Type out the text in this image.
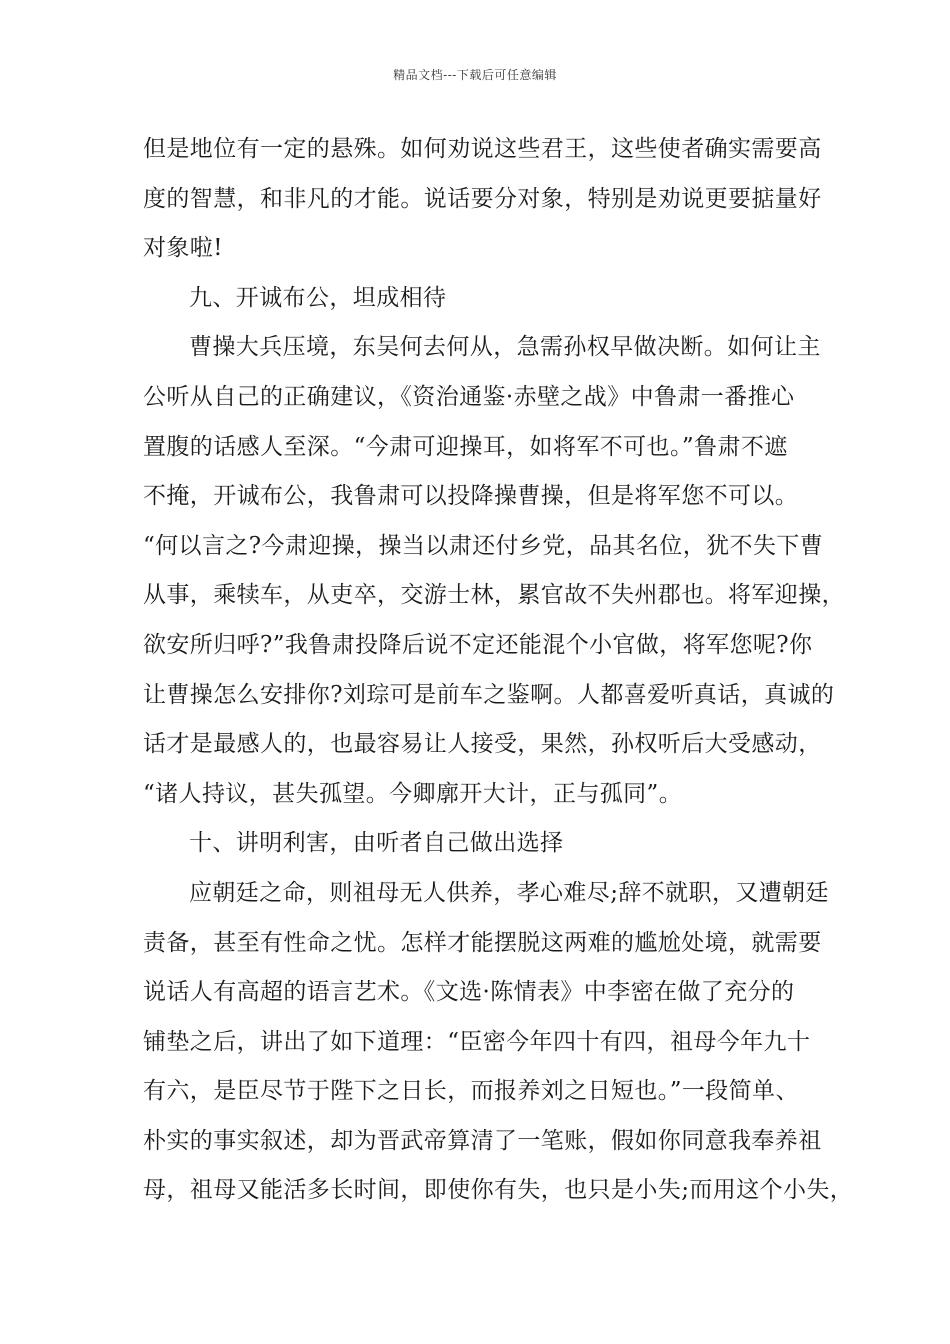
精品文档---下载后可任意编辑
但是地位有一定的悬殊。如何劝说这些君王，这些使者确实需要高
度的智慧，和非凡的才能。说话要分对象，特别是劝说更要掂量好
对象啦!
九、开诚布公，坦成相待
曹操大兵压境，东吴何去何从，急需孙权早做决断。如何让主
公听从自己的正确建议，《资治通鉴·赤壁之战》中鲁肃一番推心
置腹的话感人至深。“今肃可迎操耳，如将军不可也。”鲁肃不遮
不掩，开诚布公，我鲁肃可以投降操曹操，但是将军您不可以。
“何以言之?今肃迎操，操当以肃还付乡党，品其名位，犹不失下曹
从事，乘犊车，从吏卒，交游士林，累官故不失州郡也。将军迎操，
欲安所归呼?”我鲁肃投降后说不定还能混个小官做，将军您呢?你
让曹操怎么安排你?刘琮可是前车之鉴啊。人都喜爱听真话，真诚的
话才是最感人的，也最容易让人接受，果然，孙权听后大受感动，
“诸人持议，甚失孤望。今卿廓开大计，正与孤同”。
十、讲明利害，由听者自己做出选择
应朝廷之命，则祖母无人供养，孝心难尽;辞不就职，又遭朝廷
责备，甚至有性命之忧。怎样才能摆脱这两难的尴尬处境，就需要
说话人有高超的语言艺术。《文选·陈情表》中李密在做了充分的
铺垫之后，讲出了如下道理：“臣密今年四十有四，祖母今年九十
有六，是臣尽节于陛下之日长，而报养刘之日短也。”一段简单、
朴实的事实叙述，却为晋武帝算清了一笔账，假如你同意我奉养祖
母，祖母又能活多长时间，即使你有失，也只是小失;而用这个小失，
